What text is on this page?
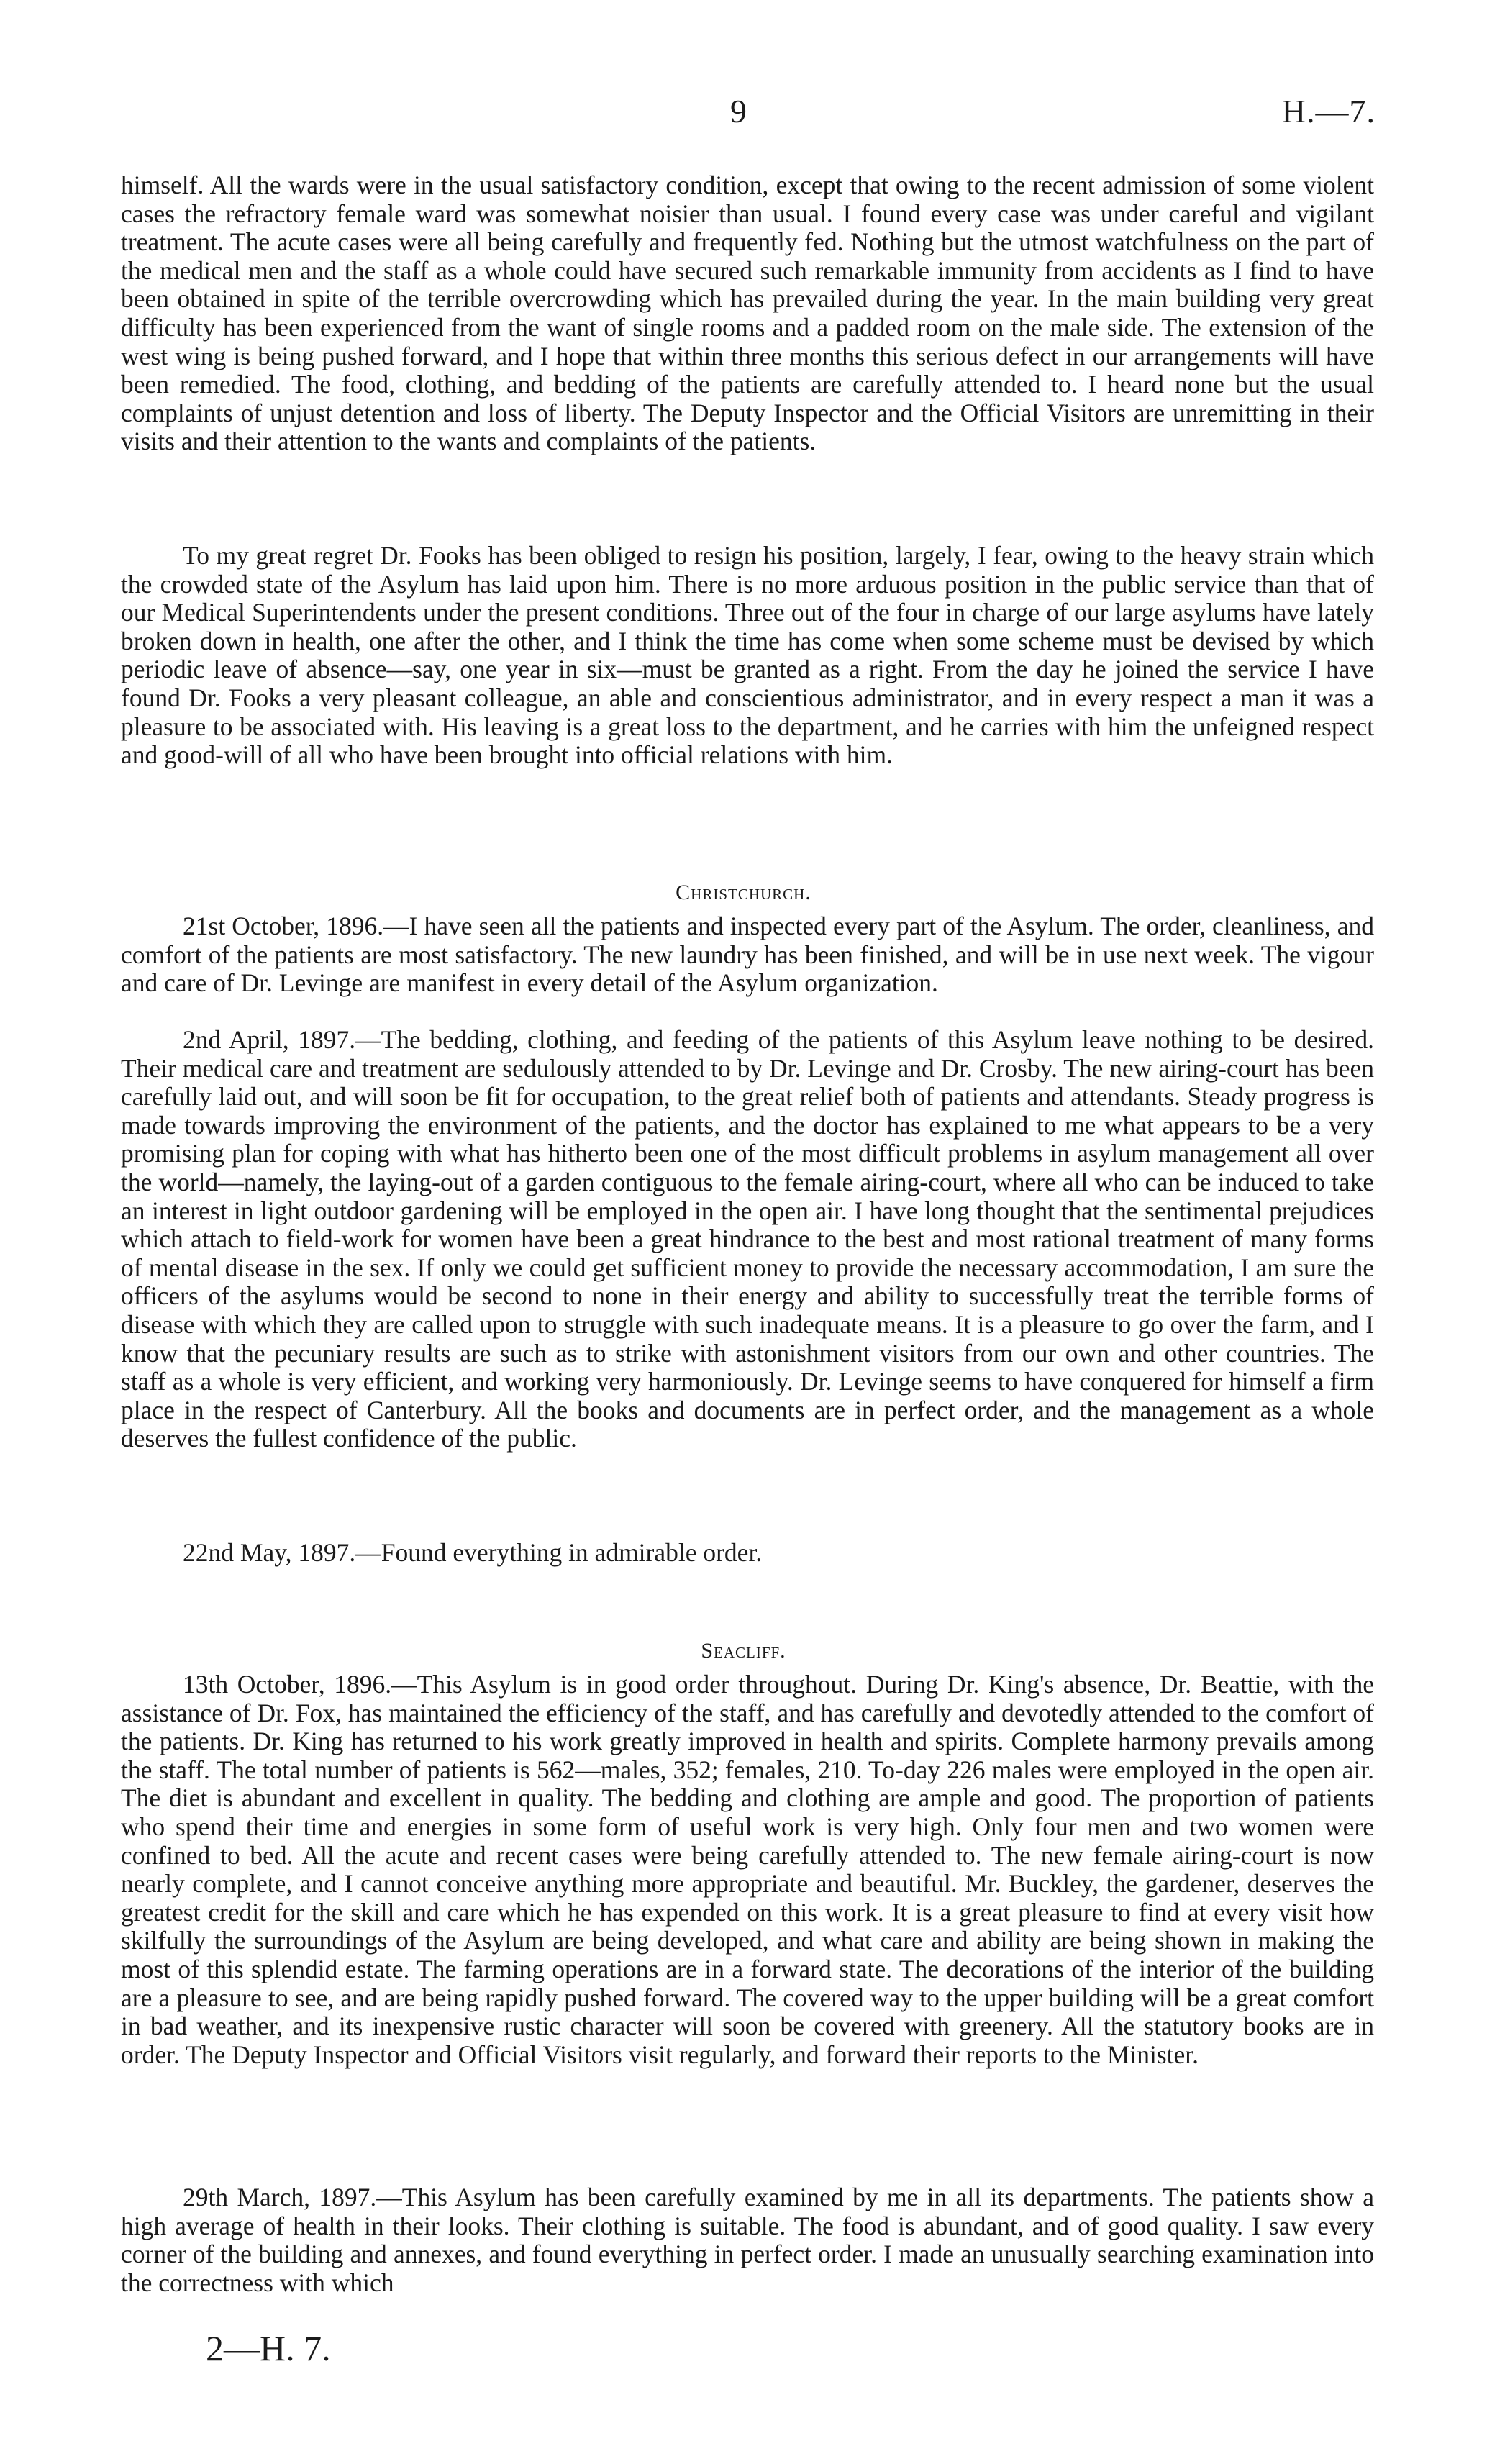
9	H.—7.

himself. All the wards were in the usual satisfactory condition, except that owing to the recent admission of some violent cases the refractory female ward was somewhat noisier than usual. I found every case was under careful and vigilant treatment. The acute cases were all being carefully and frequently fed. Nothing but the utmost watchfulness on the part of the medical men and the staff as a whole could have secured such remarkable immunity from accidents as I find to have been obtained in spite of the terrible overcrowding which has prevailed during the year. In the main building very great difficulty has been experienced from the want of single rooms and a padded room on the male side. The extension of the west wing is being pushed forward, and I hope that within three months this serious defect in our arrangements will have been remedied. The food, clothing, and bedding of the patients are carefully attended to. I heard none but the usual complaints of unjust detention and loss of liberty. The Deputy Inspector and the Official Visitors are unremitting in their visits and their attention to the wants and complaints of the patients.

To my great regret Dr. Fooks has been obliged to resign his position, largely, I fear, owing to the heavy strain which the crowded state of the Asylum has laid upon him. There is no more arduous position in the public service than that of our Medical Superintendents under the present conditions. Three out of the four in charge of our large asylums have lately broken down in health, one after the other, and I think the time has come when some scheme must be devised by which periodic leave of absence—say, one year in six—must be granted as a right. From the day he joined the service I have found Dr. Fooks a very pleasant colleague, an able and conscientious administrator, and in every respect a man it was a pleasure to be associated with. His leaving is a great loss to the department, and he carries with him the unfeigned respect and good-will of all who have been brought into official relations with him.

Christchurch.

21st October, 1896.—I have seen all the patients and inspected every part of the Asylum. The order, cleanliness, and comfort of the patients are most satisfactory. The new laundry has been finished, and will be in use next week. The vigour and care of Dr. Levinge are manifest in every detail of the Asylum organization.

2nd April, 1897.—The bedding, clothing, and feeding of the patients of this Asylum leave nothing to be desired. Their medical care and treatment are sedulously attended to by Dr. Levinge and Dr. Crosby. The new airing-court has been carefully laid out, and will soon be fit for occupation, to the great relief both of patients and attendants. Steady progress is made towards improving the environment of the patients, and the doctor has explained to me what appears to be a very promising plan for coping with what has hitherto been one of the most difficult problems in asylum management all over the world—namely, the laying-out of a garden contiguous to the female airing-court, where all who can be induced to take an interest in light outdoor gardening will be employed in the open air. I have long thought that the sentimental prejudices which attach to field-work for women have been a great hindrance to the best and most rational treatment of many forms of mental disease in the sex. If only we could get sufficient money to provide the necessary accommodation, I am sure the officers of the asylums would be second to none in their energy and ability to successfully treat the terrible forms of disease with which they are called upon to struggle with such inadequate means. It is a pleasure to go over the farm, and I know that the pecuniary results are such as to strike with astonishment visitors from our own and other countries. The staff as a whole is very efficient, and working very harmoniously. Dr. Levinge seems to have conquered for himself a firm place in the respect of Canterbury. All the books and documents are in perfect order, and the management as a whole deserves the fullest confidence of the public.

22nd May, 1897.—Found everything in admirable order.

Seacliff.

13th October, 1896.—This Asylum is in good order throughout. During Dr. King's absence, Dr. Beattie, with the assistance of Dr. Fox, has maintained the efficiency of the staff, and has carefully and devotedly attended to the comfort of the patients. Dr. King has returned to his work greatly improved in health and spirits. Complete harmony prevails among the staff. The total number of patients is 562—males, 352; females, 210. To-day 226 males were employed in the open air. The diet is abundant and excellent in quality. The bedding and clothing are ample and good. The proportion of patients who spend their time and energies in some form of useful work is very high. Only four men and two women were confined to bed. All the acute and recent cases were being carefully attended to. The new female airing-court is now nearly complete, and I cannot conceive anything more appropriate and beautiful. Mr. Buckley, the gardener, deserves the greatest credit for the skill and care which he has expended on this work. It is a great pleasure to find at every visit how skilfully the surroundings of the Asylum are being developed, and what care and ability are being shown in making the most of this splendid estate. The farming operations are in a forward state. The decorations of the interior of the building are a pleasure to see, and are being rapidly pushed forward. The covered way to the upper building will be a great comfort in bad weather, and its inexpensive rustic character will soon be covered with greenery. All the statutory books are in order. The Deputy Inspector and Official Visitors visit regularly, and forward their reports to the Minister.

29th March, 1897.—This Asylum has been carefully examined by me in all its departments. The patients show a high average of health in their looks. Their clothing is suitable. The food is abundant, and of good quality. I saw every corner of the building and annexes, and found everything in perfect order. I made an unusually searching examination into the correctness with which

2—H. 7.
